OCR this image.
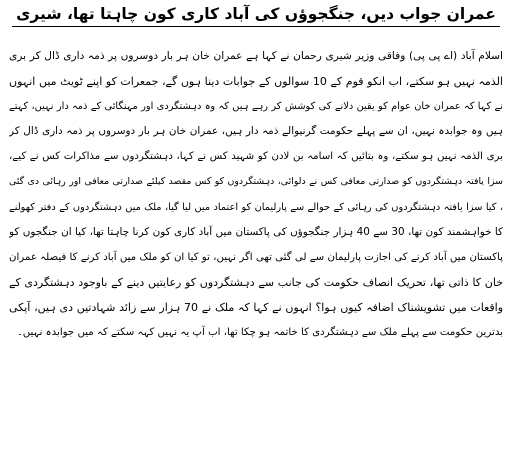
عمران جواب دیں، جنگجوؤں کی آباد کاری کون چاہتا تھا، شیری
اسلام آباد (اے پی پی) وفاقی وزیر شیری رحمان نے کہا ہے عمران خان ہر بار دوسروں پر ذمہ داری ڈال کر بری
الذمہ نہیں ہو سکتے، اب انکو قوم کے 10 سوالوں کے جوابات دینا ہوں گے، جمعرات کو اپنے ٹویٹ میں انہوں
نے کہا کہ عمران خان عوام کو یقین دلانے کی کوشش کر رہے ہیں کہ وہ دہشتگردی اور مہنگائی کے ذمہ دار نہیں، کہتے
ہیں وہ جوابدہ نہیں، ان سے پہلے حکومت گرنیوالے ذمہ دار ہیں، عمران خان ہر بار دوسروں پر ذمہ داری ڈال کر
بری الذمہ نہیں ہو سکتے، وہ بتائیں کہ اسامہ بن لادن کو شہید کس نے کہا، دہشتگردوں سے مذاکرات کس نے کیے،
سزا یافتہ دہشتگردوں کو صدارتی معافی کس نے دلوائی، دہشتگردوں کو کس مقصد کیلئے صدارتی معافی اور رہائی دی گئی
، کیا سزا یافتہ دہشتگردوں کی رہائی کے حوالے سے پارلیمان کو اعتماد میں لیا گیا، ملک میں دہشتگردوں کے دفتر کھولنے
کا خواہشمند کون تھا، 30 سے 40 ہزار جنگجوؤں کی پاکستان میں آباد کاری کون کرنا چاہتا تھا، کیا ان جنگجوں کو
پاکستان میں آباد کرنے کی اجازت پارلیمان سے لی گئی تھی اگر نہیں، تو کیا ان کو ملک میں آباد کرنے کا فیصلہ عمران
خان کا ذاتی تھا، تحریک انصاف حکومت کی جانب سے دہشتگردوں کو رعایتیں دینے کے باوجود دہشتگردی کے
واقعات میں تشویشناک اضافہ کیوں ہوا؟ انہوں نے کہا کہ ملک نے 70 ہزار سے زائد شہادتیں دی ہیں، آپکی
بدترین حکومت سے پہلے ملک سے دہشتگردی کا خاتمہ ہو چکا تھا، اب آپ یہ نہیں کہہ سکتے کہ میں جوابدہ نہیں۔
